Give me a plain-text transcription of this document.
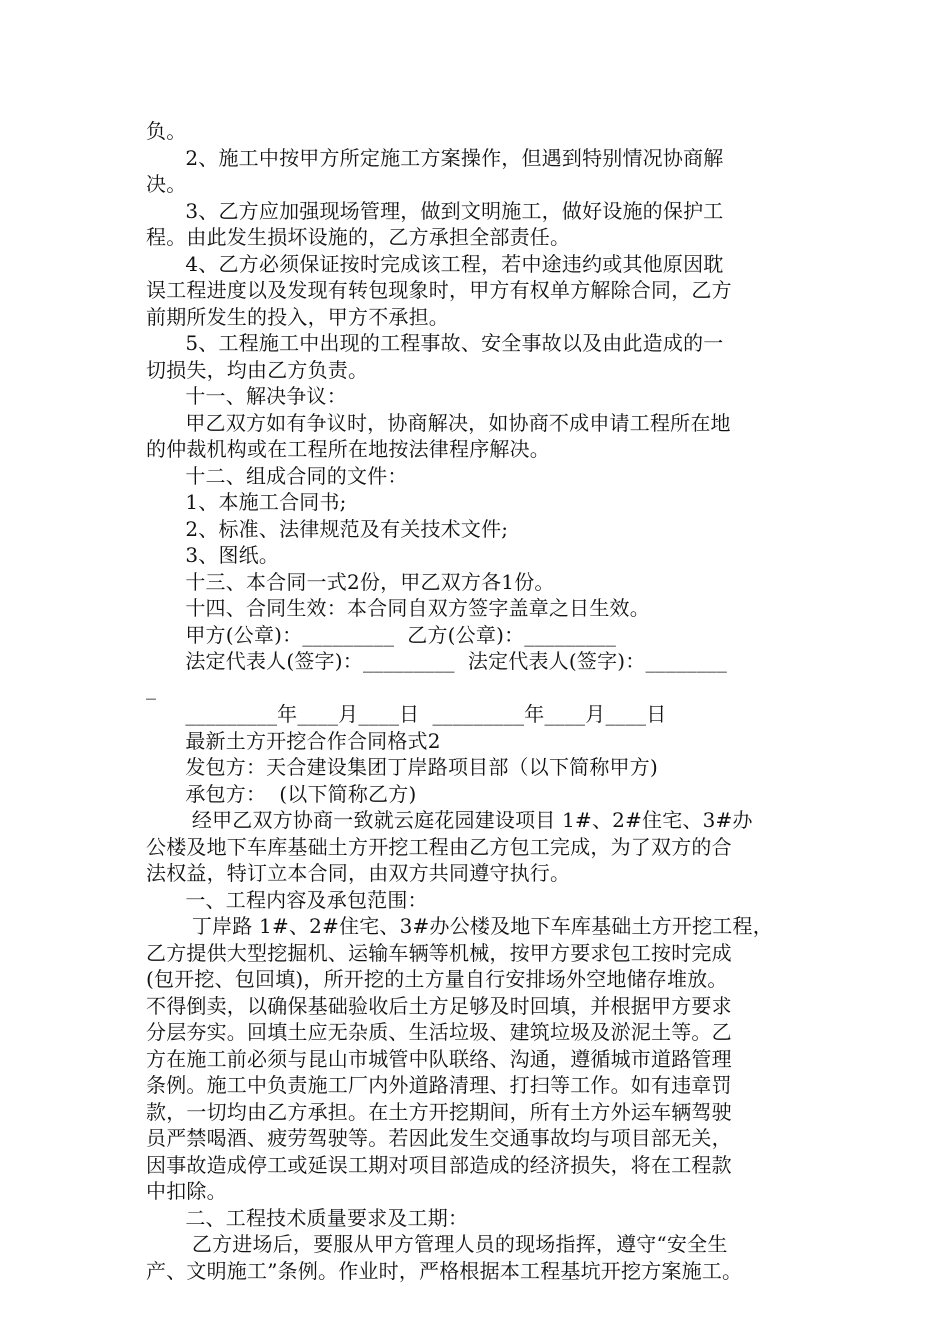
负。
2、施工中按甲方所定施工方案操作，但遇到特别情况协商解
决。
3、乙方应加强现场管理，做到文明施工，做好设施的保护工
程。由此发生损坏设施的，乙方承担全部责任。
4、乙方必须保证按时完成该工程，若中途违约或其他原因耽
误工程进度以及发现有转包现象时，甲方有权单方解除合同，乙方
前期所发生的投入，甲方不承担。
5、工程施工中出现的工程事故、安全事故以及由此造成的一
切损失，均由乙方负责。
十一、解决争议：
甲乙双方如有争议时，协商解决，如协商不成申请工程所在地
的仲裁机构或在工程所在地按法律程序解决。
十二、组成合同的文件：
1、本施工合同书;
2、标准、法律规范及有关技术文件;
3、图纸。
十三、本合同一式2份，甲乙双方各1份。
十四、合同生效：本合同自双方签字盖章之日生效。
甲方(公章)：_________  乙方(公章)：_________
法定代表人(签字)：_________  法定代表人(签字)：________
_
_________年____月____日  _________年____月____日
最新土方开挖合作合同格式2
发包方：天合建设集团丁岸路项目部（以下简称甲方)
承包方：  (以下简称乙方)
经甲乙双方协商一致就云庭花园建设项目 1#、2#住宅、3#办
公楼及地下车库基础土方开挖工程由乙方包工完成，为了双方的合
法权益，特订立本合同，由双方共同遵守执行。
一、工程内容及承包范围：
丁岸路 1#、2#住宅、3#办公楼及地下车库基础土方开挖工程，
乙方提供大型挖掘机、运输车辆等机械，按甲方要求包工按时完成
(包开挖、包回填)，所开挖的土方量自行安排场外空地储存堆放。
不得倒卖，以确保基础验收后土方足够及时回填，并根据甲方要求
分层夯实。回填土应无杂质、生活垃圾、建筑垃圾及淤泥土等。乙
方在施工前必须与昆山市城管中队联络、沟通，遵循城市道路管理
条例。施工中负责施工厂内外道路清理、打扫等工作。如有违章罚
款，一切均由乙方承担。在土方开挖期间，所有土方外运车辆驾驶
员严禁喝酒、疲劳驾驶等。若因此发生交通事故均与项目部无关，
因事故造成停工或延误工期对项目部造成的经济损失，将在工程款
中扣除。
二、工程技术质量要求及工期：
乙方进场后，要服从甲方管理人员的现场指挥，遵守“安全生
产、文明施工”条例。作业时，严格根据本工程基坑开挖方案施工。
